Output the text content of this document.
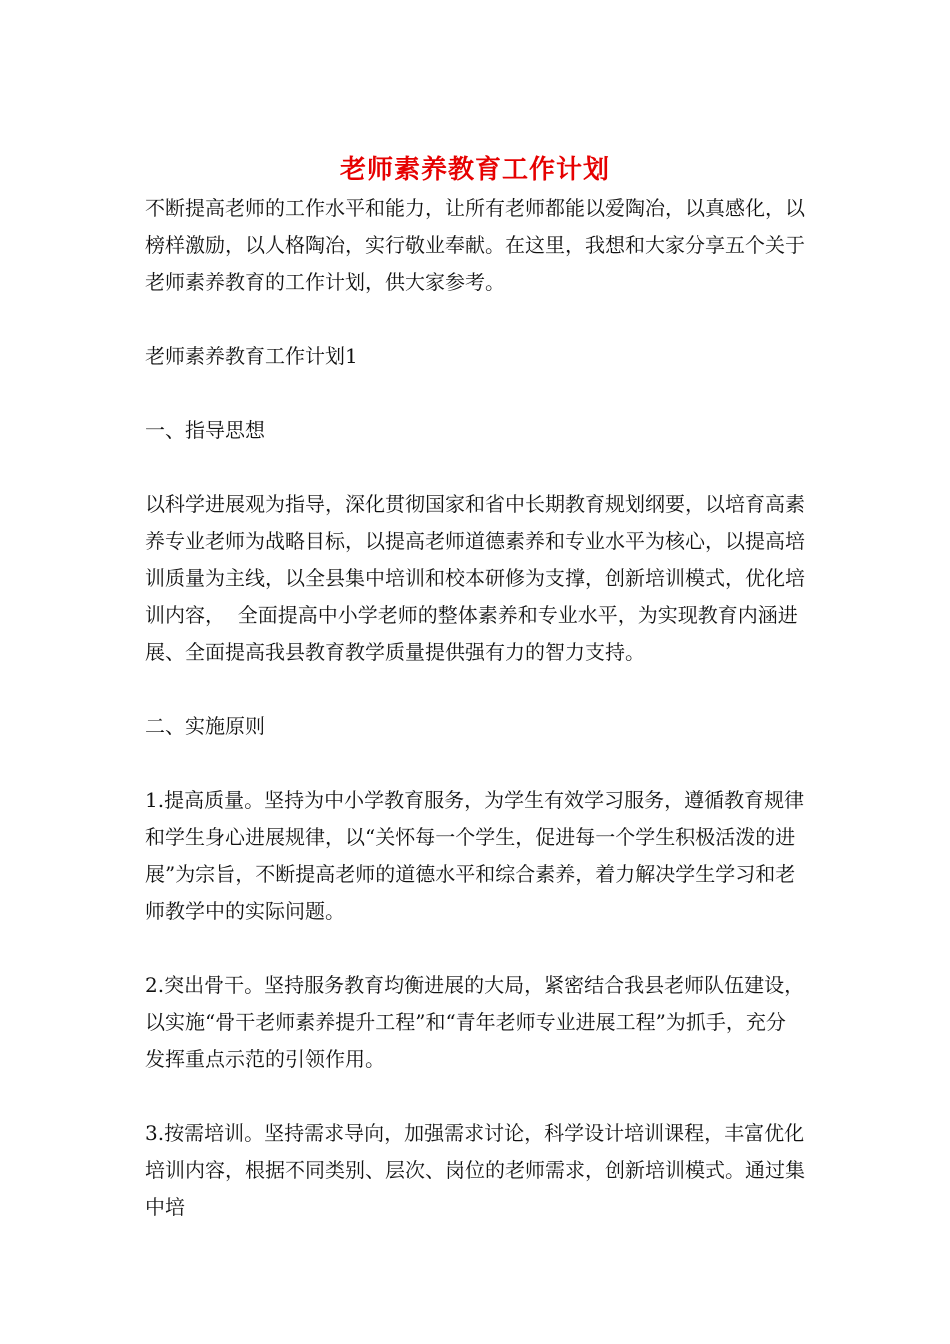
老师素养教育工作计划

不断提高老师的工作水平和能力，让所有老师都能以爱陶冶，以真感化，以榜样激励，以人格陶冶，实行敬业奉献。在这里，我想和大家分享五个关于老师素养教育的工作计划，供大家参考。

老师素养教育工作计划1

一、指导思想

以科学进展观为指导，深化贯彻国家和省中长期教育规划纲要，以培育高素养专业老师为战略目标，以提高老师道德素养和专业水平为核心，以提高培训质量为主线，以全县集中培训和校本研修为支撑，创新培训模式，优化培训内容，  全面提高中小学老师的整体素养和专业水平，为实现教育内涵进展、全面提高我县教育教学质量提供强有力的智力支持。

二、实施原则

1.提高质量。坚持为中小学教育服务，为学生有效学习服务，遵循教育规律和学生身心进展规律，以“关怀每一个学生，促进每一个学生积极活泼的进展”为宗旨，不断提高老师的道德水平和综合素养，着力解决学生学习和老师教学中的实际问题。

2.突出骨干。坚持服务教育均衡进展的大局，紧密结合我县老师队伍建设，以实施“骨干老师素养提升工程”和“青年老师专业进展工程”为抓手，充分发挥重点示范的引领作用。

3.按需培训。坚持需求导向，加强需求讨论，科学设计培训课程，丰富优化培训内容，根据不同类别、层次、岗位的老师需求，创新培训模式。通过集中培
